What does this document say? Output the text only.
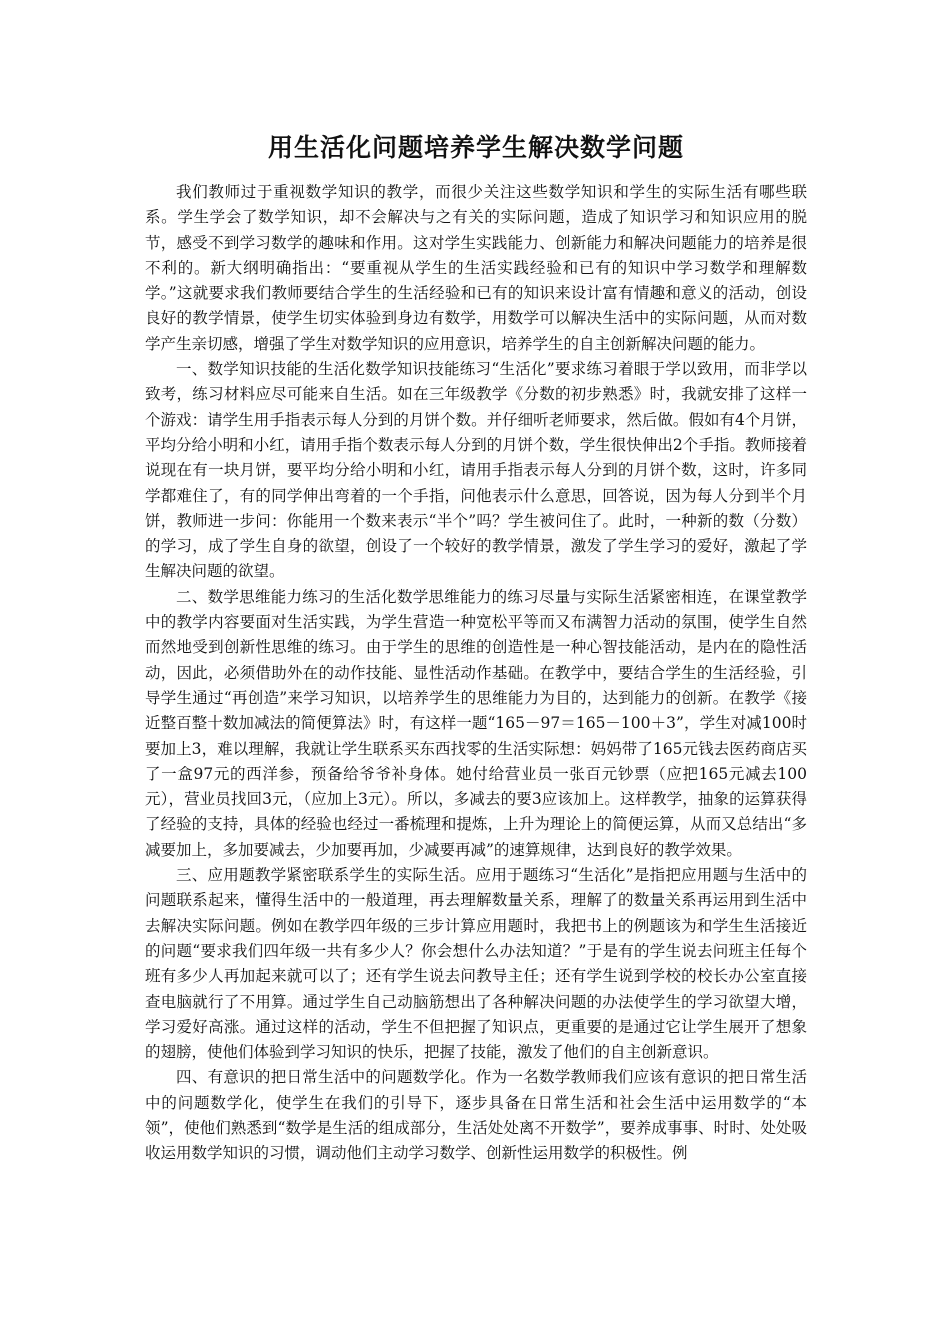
用生活化问题培养学生解决数学问题

我们教师过于重视数学知识的教学，而很少关注这些数学知识和学生的实际生活有哪些联系。学生学会了数学知识，却不会解决与之有关的实际问题，造成了知识学习和知识应用的脱节，感受不到学习数学的趣味和作用。这对学生实践能力、创新能力和解决问题能力的培养是很不利的。新大纲明确指出：“要重视从学生的生活实践经验和已有的知识中学习数学和理解数学。”这就要求我们教师要结合学生的生活经验和已有的知识来设计富有情趣和意义的活动，创设良好的教学情景，使学生切实体验到身边有数学，用数学可以解决生活中的实际问题，从而对数学产生亲切感，增强了学生对数学知识的应用意识，培养学生的自主创新解决问题的能力。

一、数学知识技能的生活化数学知识技能练习“生活化”要求练习着眼于学以致用，而非学以致考，练习材料应尽可能来自生活。如在三年级教学《分数的初步熟悉》时，我就安排了这样一个游戏：请学生用手指表示每人分到的月饼个数。并仔细听老师要求，然后做。假如有4个月饼，平均分给小明和小红，请用手指个数表示每人分到的月饼个数，学生很快伸出2个手指。教师接着说现在有一块月饼，要平均分给小明和小红，请用手指表示每人分到的月饼个数，这时，许多同学都难住了，有的同学伸出弯着的一个手指，问他表示什么意思，回答说，因为每人分到半个月饼，教师进一步问：你能用一个数来表示“半个”吗？学生被问住了。此时，一种新的数（分数）的学习，成了学生自身的欲望，创设了一个较好的教学情景，激发了学生学习的爱好，激起了学生解决问题的欲望。

二、数学思维能力练习的生活化数学思维能力的练习尽量与实际生活紧密相连，在课堂教学中的教学内容要面对生活实践，为学生营造一种宽松平等而又布满智力活动的氛围，使学生自然而然地受到创新性思维的练习。由于学生的思维的创造性是一种心智技能活动，是内在的隐性活动，因此，必须借助外在的动作技能、显性活动作基础。在教学中，要结合学生的生活经验，引导学生通过“再创造”来学习知识，以培养学生的思维能力为目的，达到能力的创新。在教学《接近整百整十数加减法的简便算法》时，有这样一题“165－97＝165－100＋3”，学生对减100时要加上3，难以理解，我就让学生联系买东西找零的生活实际想：妈妈带了165元钱去医药商店买了一盒97元的西洋参，预备给爷爷补身体。她付给营业员一张百元钞票（应把165元减去100元），营业员找回3元，（应加上3元）。所以，多减去的要3应该加上。这样教学，抽象的运算获得了经验的支持，具体的经验也经过一番梳理和提炼，上升为理论上的简便运算，从而又总结出“多减要加上，多加要减去，少加要再加，少减要再减”的速算规律，达到良好的教学效果。

三、应用题教学紧密联系学生的实际生活。应用于题练习“生活化”是指把应用题与生活中的问题联系起来，懂得生活中的一般道理，再去理解数量关系，理解了的数量关系再运用到生活中去解决实际问题。例如在教学四年级的三步计算应用题时，我把书上的例题该为和学生生活接近的问题“要求我们四年级一共有多少人？你会想什么办法知道？”于是有的学生说去问班主任每个班有多少人再加起来就可以了；还有学生说去问教导主任；还有学生说到学校的校长办公室直接查电脑就行了不用算。通过学生自己动脑筋想出了各种解决问题的办法使学生的学习欲望大增，学习爱好高涨。通过这样的活动，学生不但把握了知识点，更重要的是通过它让学生展开了想象的翅膀，使他们体验到学习知识的快乐，把握了技能，激发了他们的自主创新意识。

四、有意识的把日常生活中的问题数学化。作为一名数学教师我们应该有意识的把日常生活中的问题数学化，使学生在我们的引导下，逐步具备在日常生活和社会生活中运用数学的“本领”，使他们熟悉到“数学是生活的组成部分，生活处处离不开数学”，要养成事事、时时、处处吸收运用数学知识的习惯，调动他们主动学习数学、创新性运用数学的积极性。例
